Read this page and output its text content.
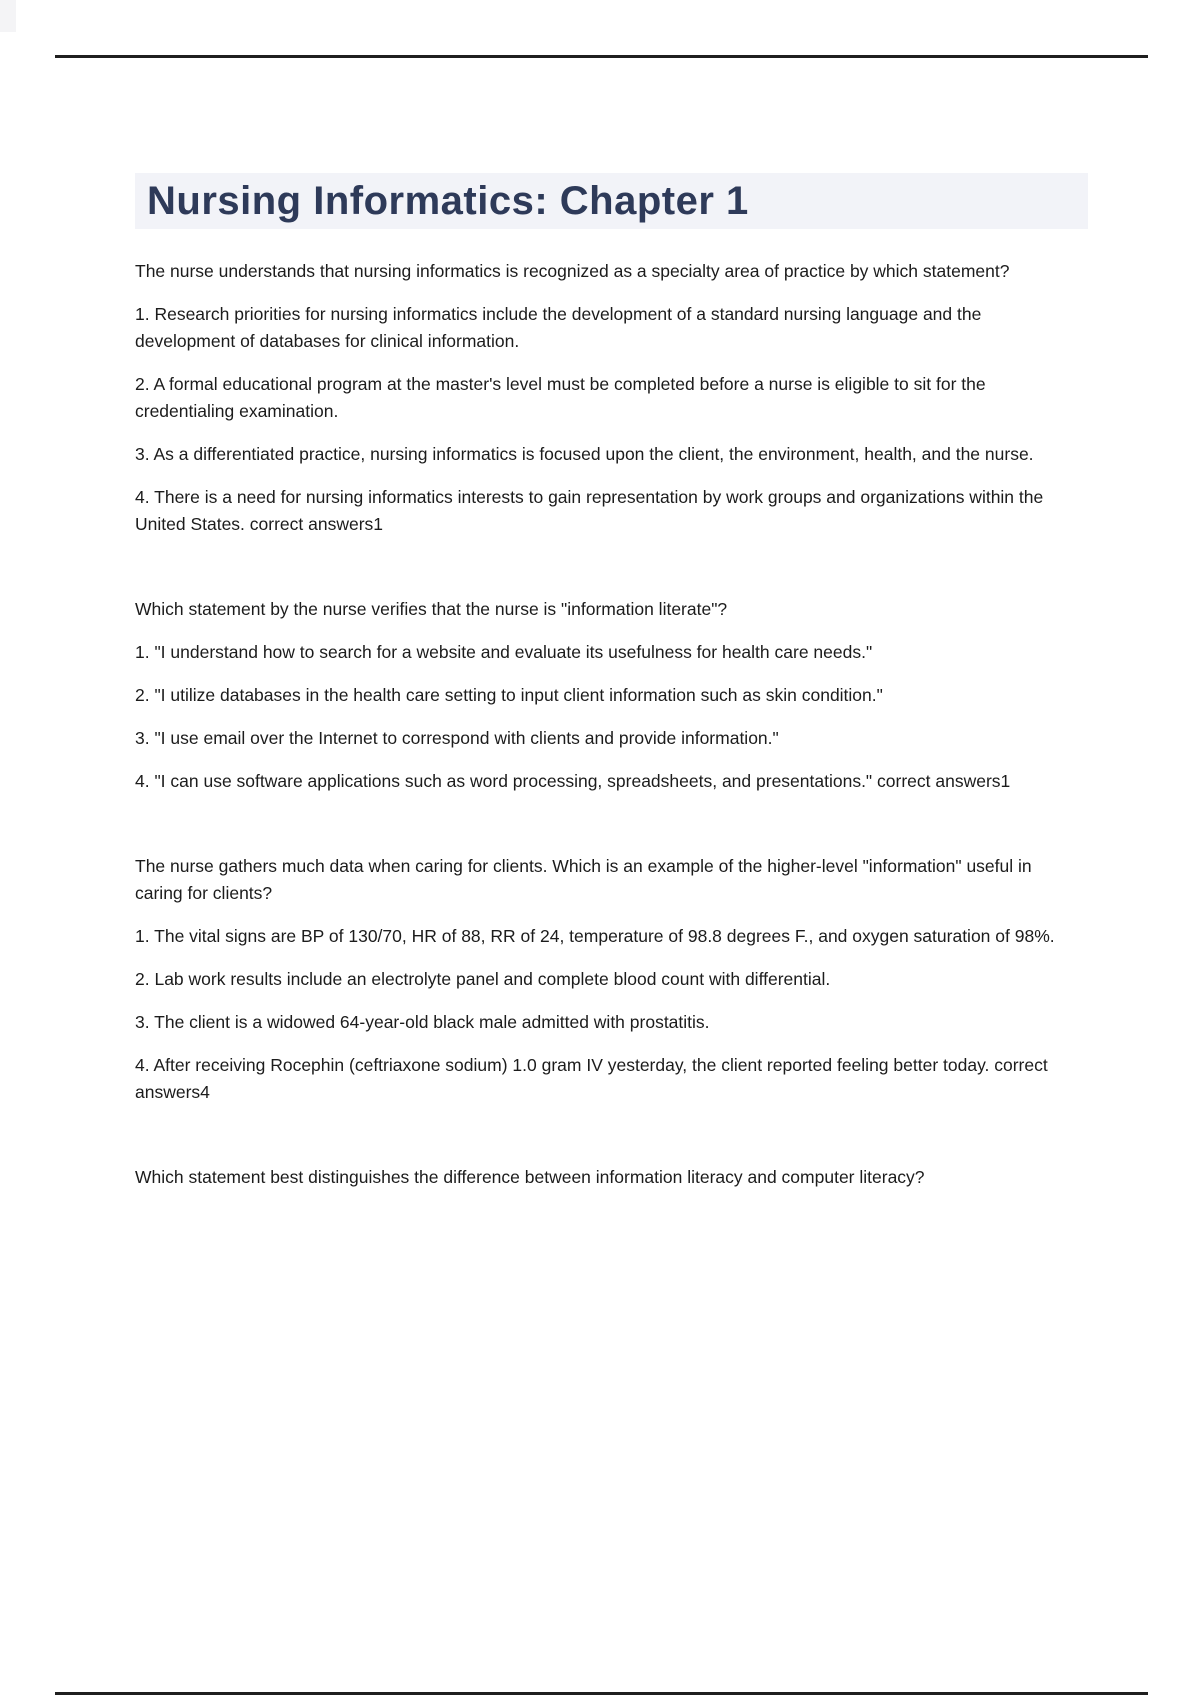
Nursing Informatics: Chapter 1

The nurse understands that nursing informatics is recognized as a specialty area of practice by which statement?

1. Research priorities for nursing informatics include the development of a standard nursing language and the development of databases for clinical information.

2. A formal educational program at the master's level must be completed before a nurse is eligible to sit for the credentialing examination.

3. As a differentiated practice, nursing informatics is focused upon the client, the environment, health, and the nurse.

4. There is a need for nursing informatics interests to gain representation by work groups and organizations within the United States. correct answers1

Which statement by the nurse verifies that the nurse is "information literate"?

1. "I understand how to search for a website and evaluate its usefulness for health care needs."

2. "I utilize databases in the health care setting to input client information such as skin condition."

3. "I use email over the Internet to correspond with clients and provide information."

4. "I can use software applications such as word processing, spreadsheets, and presentations." correct answers1

The nurse gathers much data when caring for clients. Which is an example of the higher-level "information" useful in caring for clients?

1. The vital signs are BP of 130/70, HR of 88, RR of 24, temperature of 98.8 degrees F., and oxygen saturation of 98%.

2. Lab work results include an electrolyte panel and complete blood count with differential.

3. The client is a widowed 64-year-old black male admitted with prostatitis.

4. After receiving Rocephin (ceftriaxone sodium) 1.0 gram IV yesterday, the client reported feeling better today. correct answers4

Which statement best distinguishes the difference between information literacy and computer literacy?
